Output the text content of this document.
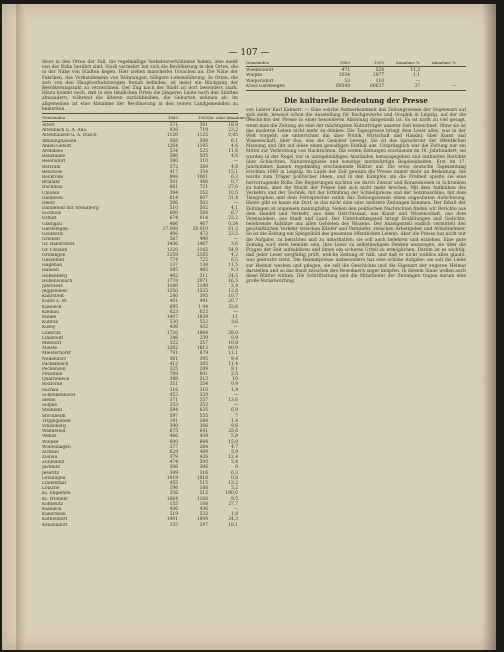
— 107 —

dient in den Orten der Fall, die regelmäßige Verkehrsverhältnisse haben, also meist von der Bahn berührt sind. Stark vermehrt hat sich die Bevölkerung in den Orten, die in der Nähe von Städten liegen. Hier ziehen mancherlei Ursachen an: Die Nähe der Fabriken, das Vorhandensein von Wohnungen, billigere Lebensführung. In Orten, die sich von den Hauptverkehrswegen fernab befinden, ist meist ein Rückgang der Bevölkerungszahl zu verzeichnen. Der Zug nach der Stadt ist dort besonders stark. Hinzu kommt noch, daß in den ländlichen Orten die jüngeren Leute nach den Städten abwandern, während die älteren zurückbleiben, die Geburten nehmen ab. Im allgemeinen ist eine Abnahme der Bevölkerung in den reinen Landgemeinden zu bemerken.

Gemeinden	1880	1905 Zu- oder Abnahme %
Altorf	371	301	18,9
Altenbach u. A. Aus.	936	719	23,2
Altenhausen u. A. Dusch	1120	1125	0,45
Amelinghausen	568	598	6,1
Ahlen-Gehoff	1264	1195	4,6
Arendsee	534	525	11,6
Baustaake	586	505	4,6
Beiersdorf	380	310	—
Bertram	372	389	4,6
Beuchow	417	354	15,1
Bockrode	998	1061	6,3
Brabant	501	486	0,7
Buchholz	661	721	27,0
Chüden	394	352	10,5
Dambeck	614	607	31,4
Deetz	506	502	—
Dannefeld mit Arendberg	510	502	4,1
Eichholz	600	588	6,7
Estedt	674	614	22,2
Gladigau	466	467	0,24
Gardelegen	17 098	28 010	61,2
Goldbeck	406	472	23,5
Grieben	567	490	—
Gr. Ballerstedt	1436	1467	3,6
Gr. Chüden	1320	1165	54,9
Gröningen	2259	2165	4,2
Güssefeld	774	725	6,5
Hagenau	137	130	11,5
Hansen	585	465	8,3
Hohenberg	402	311	24,5
Hohenwulsch	1778	2071	16,5
Jahrstedt	1186	1190	3,4
Jeggeleben	1250	1525	12,8
Kahrstedt	240	395	10,7
Kalbe a. M.	401	491	20,7
Kassieck	695	1 04	33,6
Kleinau	623	623	—
Klinke	1407	1639	11
Kunrau	530	552	3,6
Kusey	436	432	—
Lüderitz	1720	1864	28,0
Lindstedt	246	239	0,9
Meßdorf	322	357	10,8
Mieste	1262	1612	60,9
Miesterhorst	791	879	11,1
Neuendorf	361	395	9,4
Packebusch	412	365	11,4
Peckensen	325	289	9,1
Potzehne	709	691	2,5
Quarnebeck	348	313	10
Roxförde	351	354	0,9
Sachau	316	310	1,9
Schenkenhorst	453	329	—
Siems	371	357	13,6
Solpke	353	353	—
Steinfeld	594	635	6,9
Stöckheim	597	555	7
Trippigleben	181	184	1,4
Vinzelberg	390	366	9,6
Wannefeld	675	641	25,6
Wenze	466	439	5,8
Wiepke	600	684	15,0
Wollenhagen	277	264	4,7
Zichtau	629	489	5,9
Zienau	379	426	12,4
Zobbenitz	474	500	5,4
Jävenitz	306	306	0
Jeseritz	349	316	6,3
Letzlingen	1018	1010	0,8
Lindenthal	455	515	13,2
Lotsche	196	188	5,2
Kl. Engersen	356	512	100,0
Kl. Wieblitz	1064	1166	9,5
Köbbelitz	155	108	27,7
Kassieck	436	436	—
Kakerbeck	519	532	1,8
Kathendorf	1491	1808	24,3
Kenzendorf	333	297	10,1
Gemeinden	1880	1905	Zunahme %	Abnahme %
Wiedersdorf	471	524	11,3
Wiepke	2054	2077	1,1
Wiepersdorf	53	110	—
Kreis Gardelegen	60349	60637	37	—
Die kulturelle Bedeutung der Presse

von Lehrer Karl Kahnert. — Eine welche Aufmerksamkeit das Zeitungswesen der Gegenwart auf sich zieht, beweist schon die Ausstellung für Buchgewerbe und Graphik in Leipzig, auf der die Geschichte der Presse in einer besonderen Abteilung dargestellt ist. Es ist nicht zu viel gesagt, wenn man die Zeitung als eine der mächtigsten Kulturträger unserer Zeit bezeichnet. Ohne sie ist das moderne Leben nicht mehr zu denken. Die Tagespresse bringt dem Leser alles, was in der Welt vorgeht; sie unterrichtet ihn über Politik, Wirtschaft und Handel, über Kunst und Wissenschaft, über das, was die Gemüter bewegt. Sie ist das Sprachrohr der öffentlichen Meinung und übt auf diese einen gewaltigen Einfluß aus. Ursprünglich war die Zeitung nur ein Mittel zur Verbreitung von Nachrichten. Die ersten Zeitungen erschienen im 16. Jahrhundert; sie wurden in der Regel nur in unregelmäßigen Abständen herausgegeben und enthielten Berichte über Schlachten, Naturereignisse und sonstige merkwürdige Begebenheiten. Erst im 17. Jahrhundert kamen regelmäßig erscheinende Blätter auf. Die erste deutsche Tageszeitung erschien 1660 in Leipzig. Im Laufe der Zeit gewann die Presse immer mehr an Bedeutung. Sie wurde zum Träger politischer Ideen, und in den Kämpfen um die Freiheit spielte sie eine hervorragende Rolle. Die Regierungen suchten sie durch Zensur und Konzessionen in Schranken zu halten, aber die Macht der Presse ließ sich nicht mehr brechen. Mit dem Aufblühen des Verkehrs und der Technik, mit der Erfindung der Schnellpresse und der Setzmaschine, mit dem Telegraphen und dem Fernsprecher nahm das Zeitungswesen einen ungeahnten Aufschwung. Heute gibt es kaum ein Dorf, in das nicht eine oder mehrere Zeitungen kommen. Der Inhalt der Zeitungen ist ungemein mannigfaltig. Neben den politischen Nachrichten finden wir Berichte aus dem Handel und Verkehr, aus dem Gerichtssaal, aus Kunst und Wissenschaft, aus dem Vereinsleben, aus Stadt und Land. Der Unterhaltungsteil bringt Erzählungen und Gedichte, belehrende Aufsätze aus allen Gebieten des Wissens. Der Anzeigenteil endlich vermittelt den geschäftlichen Verkehr zwischen Käufer und Verkäufer, zwischen Arbeitgeber und Arbeitnehmer. So ist die Zeitung ein Spiegelbild des gesamten öffentlichen Lebens. Aber die Presse hat nicht nur die Aufgabe, zu berichten und zu unterhalten; sie soll auch belehren und erziehen. Eine gute Zeitung wird stets bemüht sein, ihre Leser zu selbständigem Denken anzuregen, sie über die Fragen der Zeit aufzuklären und ihnen ein sicheres Urteil zu ermöglichen. Darum ist es wichtig, daß jeder Leser sorgfältig prüft, welche Zeitung er hält, und daß er nicht wahllos alles glaubt, was gedruckt steht. Die Heimatpresse insbesondere hat eine schöne Aufgabe: sie soll die Liebe zur Heimat wecken und pflegen, sie soll die Geschichte und die Eigenart der engeren Heimat darstellen und so das Band zwischen den Bewohnern enger knüpfen. In diesem Sinne wollen auch diese Blätter wirken. Die Schriftleitung und die Mitarbeiter der Zeitungen tragen darum eine große Verantwortung.
